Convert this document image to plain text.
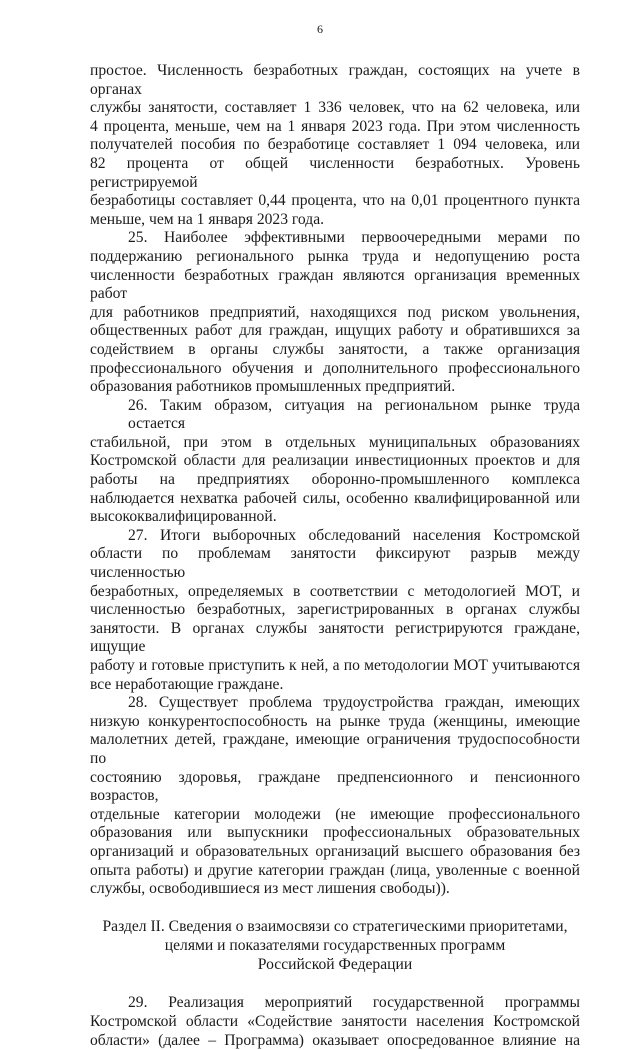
6

простое. Численность безработных граждан, состоящих на учете в органах

службы занятости, составляет 1 336 человек, что на 62 человека, или

4 процента, меньше, чем на 1 января 2023 года. При этом численность

получателей пособия по безработице составляет 1 094 человека, или

82 процента от общей численности безработных. Уровень регистрируемой

безработицы составляет 0,44 процента, что на 0,01 процентного пункта

меньше, чем на 1 января 2023 года.

25. Наиболее эффективными первоочередными мерами по

поддержанию регионального рынка труда и недопущению роста

численности безработных граждан являются организация временных работ

для работников предприятий, находящихся под риском увольнения,

общественных работ для граждан, ищущих работу и обратившихся за

содействием в органы службы занятости, а также организация

профессионального обучения и дополнительного профессионального

образования работников промышленных предприятий.

26. Таким образом, ситуация на региональном рынке труда остается

стабильной, при этом в отдельных муниципальных образованиях

Костромской области для реализации инвестиционных проектов и для

работы на предприятиях оборонно-промышленного комплекса

наблюдается нехватка рабочей силы, особенно квалифицированной или

высококвалифицированной.

27. Итоги выборочных обследований населения Костромской

области по проблемам занятости фиксируют разрыв между численностью

безработных, определяемых в соответствии с методологией МОТ, и

численностью безработных, зарегистрированных в органах службы

занятости. В органах службы занятости регистрируются граждане, ищущие

работу и готовые приступить к ней, а по методологии МОТ учитываются

все неработающие граждане.

28. Существует проблема трудоустройства граждан, имеющих

низкую конкурентоспособность на рынке труда (женщины, имеющие

малолетних детей, граждане, имеющие ограничения трудоспособности по

состоянию здоровья, граждане предпенсионного и пенсионного возрастов,

отдельные категории молодежи (не имеющие профессионального

образования или выпускники профессиональных образовательных

организаций и образовательных организаций высшего образования без

опыта работы) и другие категории граждан (лица, уволенные с военной

службы, освободившиеся из мест лишения свободы)).

Раздел II. Сведения о взаимосвязи со стратегическими приоритетами,
целями и показателями государственных программ
Российской Федерации

29. Реализация мероприятий государственной программы

Костромской области «Содействие занятости населения Костромской

области» (далее – Программа) оказывает опосредованное влияние на
